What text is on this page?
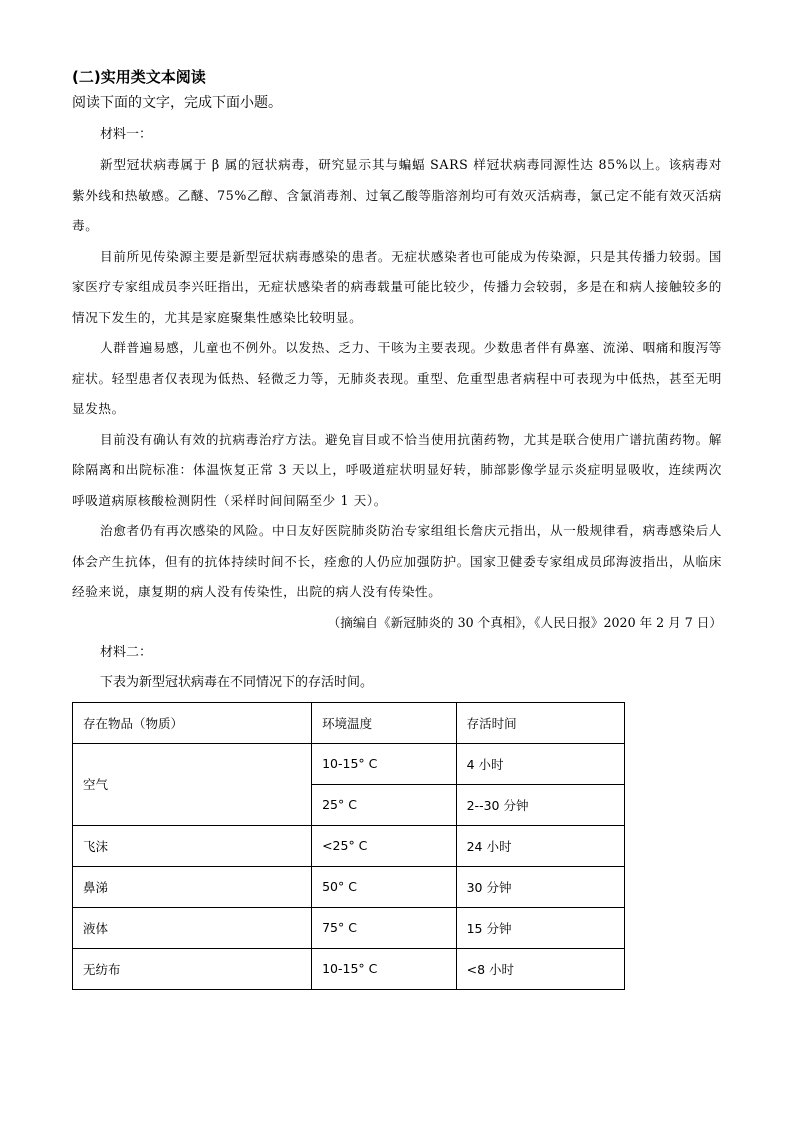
(二)实用类文本阅读
阅读下面的文字，完成下面小题。

材料一：

新型冠状病毒属于 β 属的冠状病毒，研究显示其与蝙蝠 SARS 样冠状病毒同源性达 85%以上。该病毒对紫外线和热敏感。乙醚、75%乙醇、含氯消毒剂、过氧乙酸等脂溶剂均可有效灭活病毒，氯己定不能有效灭活病毒。

目前所见传染源主要是新型冠状病毒感染的患者。无症状感染者也可能成为传染源，只是其传播力较弱。国家医疗专家组成员李兴旺指出，无症状感染者的病毒载量可能比较少，传播力会较弱，多是在和病人接触较多的情况下发生的，尤其是家庭聚集性感染比较明显。

人群普遍易感，儿童也不例外。以发热、乏力、干咳为主要表现。少数患者伴有鼻塞、流涕、咽痛和腹泻等症状。轻型患者仅表现为低热、轻微乏力等，无肺炎表现。重型、危重型患者病程中可表现为中低热，甚至无明显发热。

目前没有确认有效的抗病毒治疗方法。避免盲目或不恰当使用抗菌药物，尤其是联合使用广谱抗菌药物。解除隔离和出院标准：体温恢复正常 3 天以上，呼吸道症状明显好转，肺部影像学显示炎症明显吸收，连续两次呼吸道病原核酸检测阴性（采样时间间隔至少 1 天）。

治愈者仍有再次感染的风险。中日友好医院肺炎防治专家组组长詹庆元指出，从一般规律看，病毒感染后人体会产生抗体，但有的抗体持续时间不长，痊愈的人仍应加强防护。国家卫健委专家组成员邱海波指出，从临床经验来说，康复期的病人没有传染性，出院的病人没有传染性。

（摘编自《新冠肺炎的 30 个真相》，《人民日报》2020 年 2 月 7 日）

材料二：

下表为新型冠状病毒在不同情况下的存活时间。

存在物品（物质）	环境温度	存活时间
空气	10-15° C	4 小时
	25° C	2--30 分钟
飞沫	<25° C	24 小时
鼻涕	50° C	30 分钟
液体	75° C	15 分钟
无纺布	10-15° C	<8 小时
